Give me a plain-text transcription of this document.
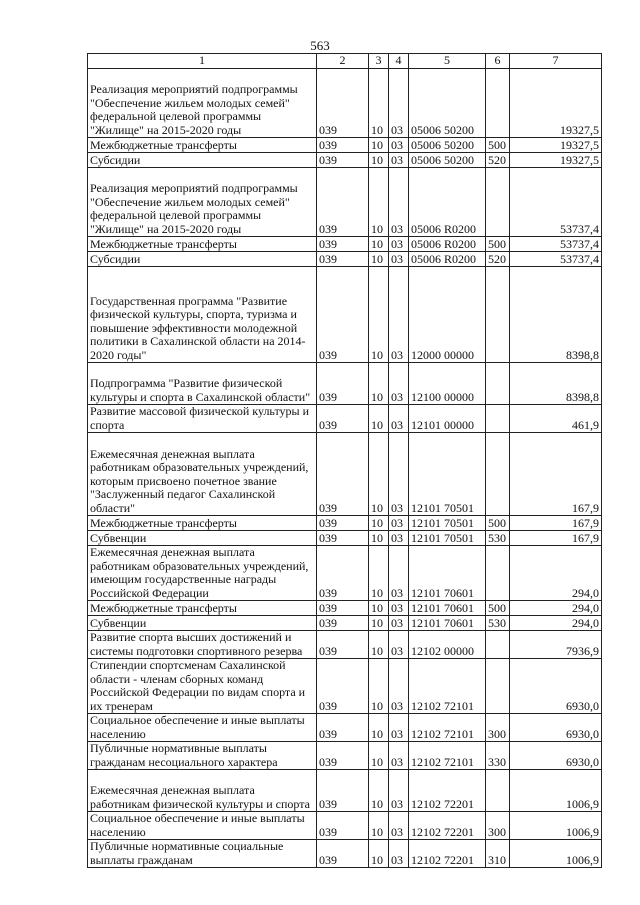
563
1	2	3	4	5	6	7
Реализация мероприятий подпрограммы "Обеспечение жильем молодых семей" федеральной целевой программы "Жилище" на 2015-2020 годы	039	10	03	05006 50200		19327,5
Межбюджетные трансферты	039	10	03	05006 50200	500	19327,5
Субсидии	039	10	03	05006 50200	520	19327,5
Реализация мероприятий подпрограммы "Обеспечение жильем молодых семей" федеральной целевой программы "Жилище" на 2015-2020 годы	039	10	03	05006 R0200		53737,4
Межбюджетные трансферты	039	10	03	05006 R0200	500	53737,4
Субсидии	039	10	03	05006 R0200	520	53737,4
Государственная программа "Развитие физической культуры, спорта, туризма и повышение эффективности молодежной политики в Сахалинской области на 2014-2020 годы"	039	10	03	12000 00000		8398,8
Подпрограмма "Развитие физической культуры и спорта в Сахалинской области"	039	10	03	12100 00000		8398,8
Развитие массовой физической культуры и спорта	039	10	03	12101 00000		461,9
Ежемесячная денежная выплата работникам образовательных учреждений, которым присвоено почетное звание "Заслуженный педагог Сахалинской области"	039	10	03	12101 70501		167,9
Межбюджетные трансферты	039	10	03	12101 70501	500	167,9
Субвенции	039	10	03	12101 70501	530	167,9
Ежемесячная денежная выплата работникам образовательных учреждений, имеющим государственные награды Российской Федерации	039	10	03	12101 70601		294,0
Межбюджетные трансферты	039	10	03	12101 70601	500	294,0
Субвенции	039	10	03	12101 70601	530	294,0
Развитие спорта высших достижений и системы подготовки спортивного резерва	039	10	03	12102 00000		7936,9
Стипендии спортсменам Сахалинской области - членам сборных команд Российской Федерации по видам спорта и их тренерам	039	10	03	12102 72101		6930,0
Социальное обеспечение и иные выплаты населению	039	10	03	12102 72101	300	6930,0
Публичные нормативные выплаты гражданам несоциального характера	039	10	03	12102 72101	330	6930,0
Ежемесячная денежная выплата работникам физической культуры и спорта	039	10	03	12102 72201		1006,9
Социальное обеспечение и иные выплаты населению	039	10	03	12102 72201	300	1006,9
Публичные нормативные социальные выплаты гражданам	039	10	03	12102 72201	310	1006,9
